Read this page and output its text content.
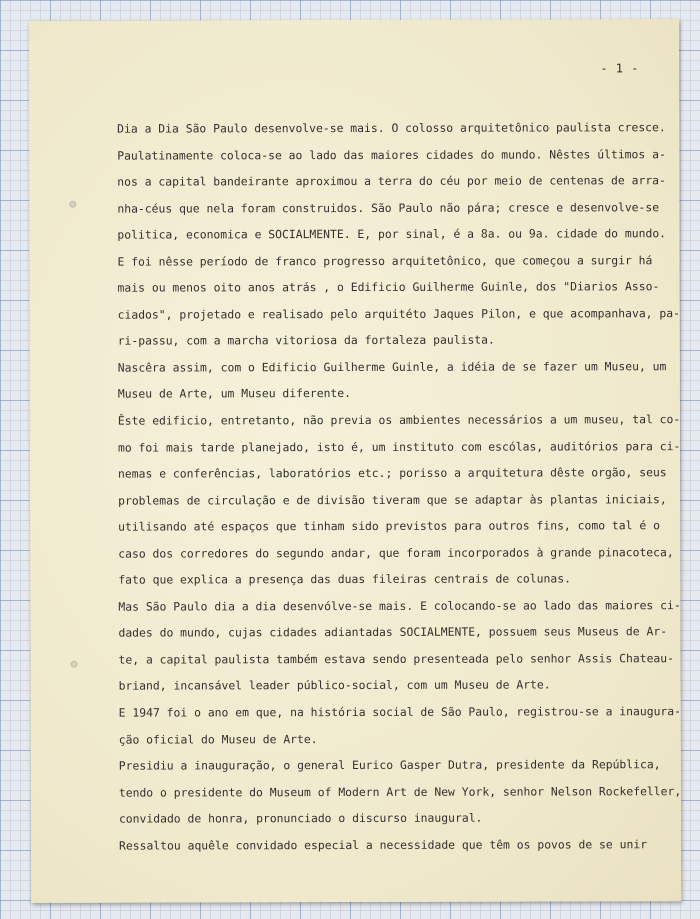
- 1 -
Dia a Dia São Paulo desenvolve-se mais. O colosso arquitetônico paulista cresce.
Paulatinamente coloca-se ao lado das maiores cidades do mundo. Nêstes últimos a-
nos a capital bandeirante aproximou a terra do céu por meio de centenas de arra-
nha-céus que nela foram construidos. São Paulo não pára; cresce e desenvolve-se
politica, economica e SOCIALMENTE. E, por sinal, é a 8a. ou 9a. cidade do mundo.
E foi nêsse período de franco progresso arquitetônico, que começou a surgir há
mais ou menos oito anos atrás , o Edificio Guilherme Guinle, dos "Diarios Asso-
ciados", projetado e realisado pelo arquitéto Jaques Pilon, e que acompanhava, pa-
ri-passu, com a marcha vitoriosa da fortaleza paulista.
Nascêra assim, com o Edificio Guilherme Guinle, a idéia de se fazer um Museu, um
Museu de Arte, um Museu diferente.
Êste edificio, entretanto, não previa os ambientes necessários a um museu, tal co-
mo foi mais tarde planejado, isto é, um instituto com escólas, auditórios para ci-
nemas e conferências, laboratórios etc.; porisso a arquitetura dêste orgão, seus
problemas de circulação e de divisão tiveram que se adaptar às plantas iniciais,
utilisando até espaços que tinham sido previstos para outros fins, como tal é o
caso dos corredores do segundo andar, que foram incorporados à grande pinacoteca,
fato que explica a presença das duas fileiras centrais de colunas.
Mas São Paulo dia a dia desenvólve-se mais. E colocando-se ao lado das maiores ci-
dades do mundo, cujas cidades adiantadas SOCIALMENTE, possuem seus Museus de Ar-
te, a capital paulista também estava sendo presenteada pelo senhor Assis Chateau-
briand, incansável leader público-social, com um Museu de Arte.
E 1947 foi o ano em que, na história social de São Paulo, registrou-se a inaugura-
ção oficial do Museu de Arte.
Presidiu a inauguração, o general Eurico Gasper Dutra, presidente da República,
tendo o presidente do Museum of Modern Art de New York, senhor Nelson Rockefeller,
convidado de honra, pronunciado o discurso inaugural.
Ressaltou aquêle convidado especial a necessidade que têm os povos de se unir
